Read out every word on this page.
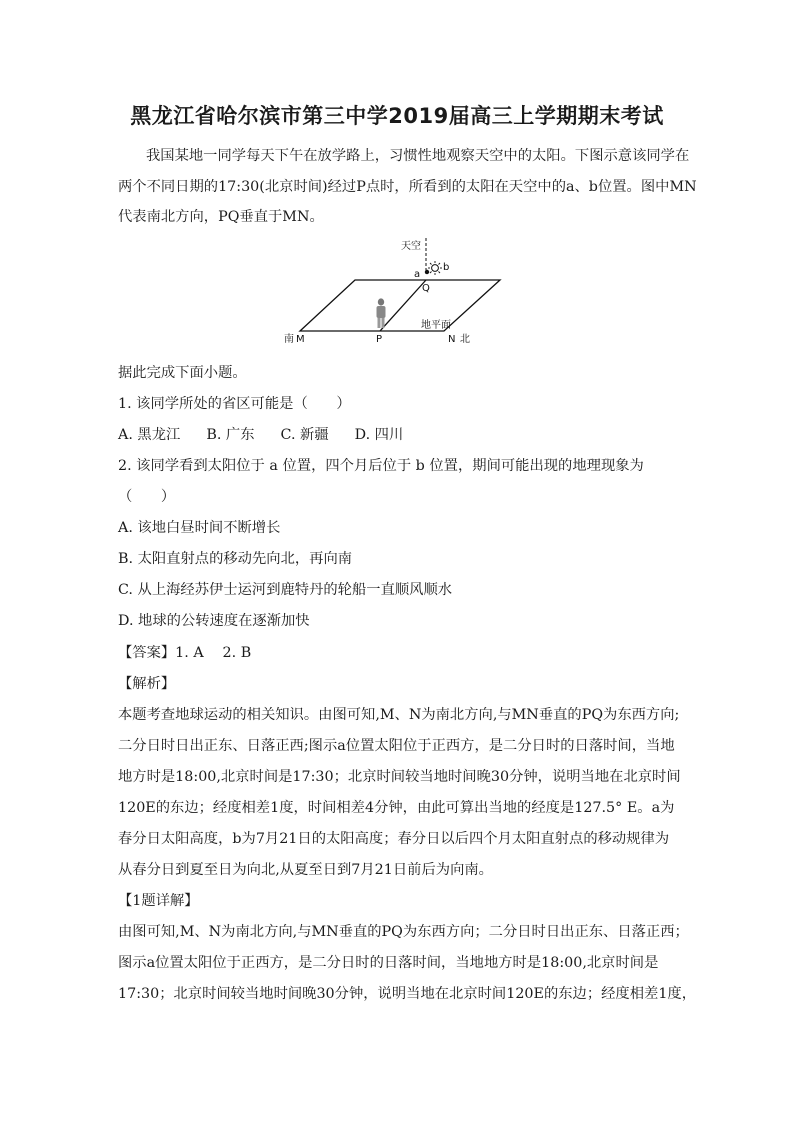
黑龙江省哈尔滨市第三中学2019届高三上学期期末考试
我国某地一同学每天下午在放学路上，习惯性地观察天空中的太阳。下图示意该同学在
两个不同日期的17:30(北京时间)经过P点时，所看到的太阳在天空中的a、b位置。图中MN
代表南北方向，PQ垂直于MN。
天空
a
b
Q
地平面
南 M	P	N 北
据此完成下面小题。
1. 该同学所处的省区可能是（　　）
A. 黑龙江 B. 广东 C. 新疆 D. 四川
2. 该同学看到太阳位于 a 位置，四个月后位于 b 位置，期间可能出现的地理现象为
（　　）
A. 该地白昼时间不断增长
B. 太阳直射点的移动先向北，再向南
C. 从上海经苏伊士运河到鹿特丹的轮船一直顺风顺水
D. 地球的公转速度在逐渐加快
【答案】1. A　 2. B
【解析】
本题考查地球运动的相关知识。由图可知,M、N为南北方向,与MN垂直的PQ为东西方向;
二分日时日出正东、日落正西;图示a位置太阳位于正西方，是二分日时的日落时间，当地
地方时是18:00,北京时间是17:30；北京时间较当地时间晚30分钟，说明当地在北京时间
120E的东边；经度相差1度，时间相差4分钟，由此可算出当地的经度是127.5° E。a为
春分日太阳高度，b为7月21日的太阳高度；春分日以后四个月太阳直射点的移动规律为
从春分日到夏至日为向北,从夏至日到7月21日前后为向南。
【1题详解】
由图可知,M、N为南北方向,与MN垂直的PQ为东西方向；二分日时日出正东、日落正西；
图示a位置太阳位于正西方，是二分日时的日落时间，当地地方时是18:00,北京时间是
17:30；北京时间较当地时间晚30分钟，说明当地在北京时间120E的东边；经度相差1度，
